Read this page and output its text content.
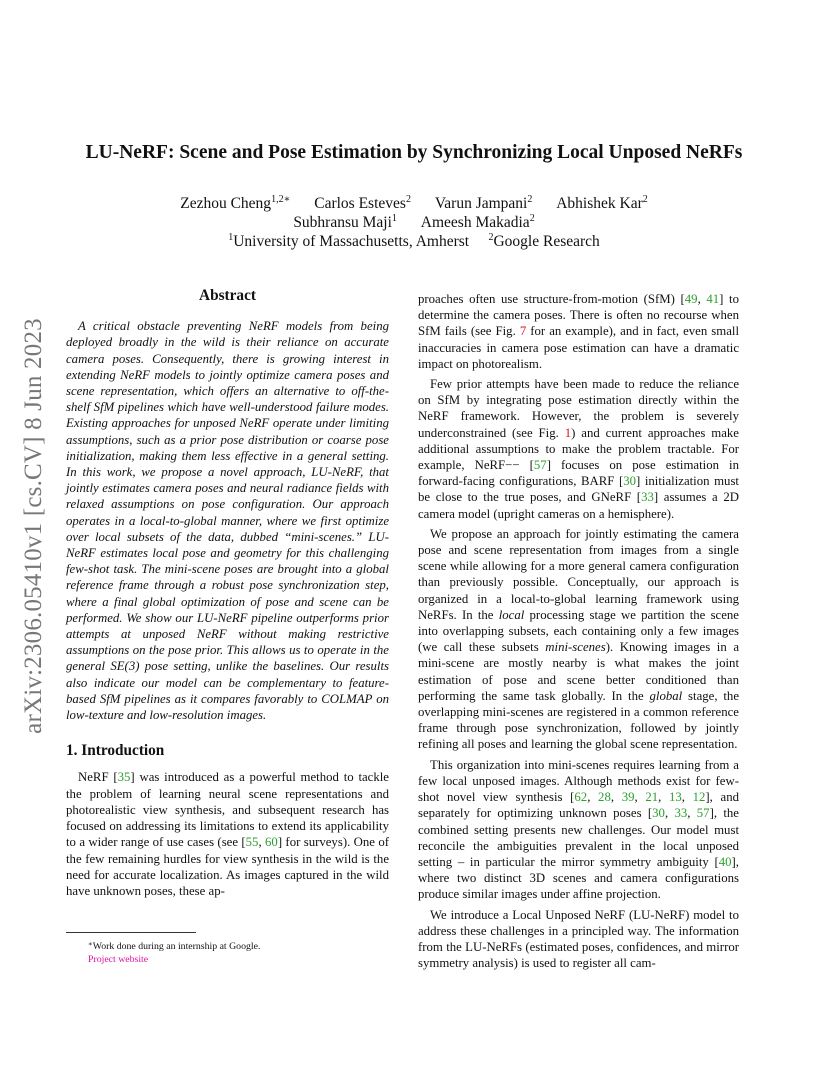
arXiv:2306.05410v1 [cs.CV] 8 Jun 2023
LU-NeRF: Scene and Pose Estimation by Synchronizing Local Unposed NeRFs
Zezhou Cheng$^{1,2∗}$ Carlos Esteves$^2$ Varun Jampani$^2$ Abhishek Kar$^2$
Subhransu Maji$^1$ Ameesh Makadia$^2$
$^1$University of Massachusetts, Amherst $^2$Google Research
Abstract

A critical obstacle preventing NeRF models from being deployed broadly in the wild is their reliance on accurate camera poses. Consequently, there is growing interest in extending NeRF models to jointly optimize camera poses and scene representation, which offers an alternative to off-the-shelf SfM pipelines which have well-understood failure modes. Existing approaches for unposed NeRF operate under limiting assumptions, such as a prior pose distribution or coarse pose initialization, making them less effective in a general setting. In this work, we propose a novel approach, LU-NeRF, that jointly estimates camera poses and neural radiance fields with relaxed assumptions on pose configuration. Our approach operates in a local-to-global manner, where we first optimize over local subsets of the data, dubbed “mini-scenes.” LU-NeRF estimates local pose and geometry for this challenging few-shot task. The mini-scene poses are brought into a global reference frame through a robust pose synchronization step, where a final global optimization of pose and scene can be performed. We show our LU-NeRF pipeline outperforms prior attempts at unposed NeRF without making restrictive assumptions on the pose prior. This allows us to operate in the general SE(3) pose setting, unlike the baselines. Our results also indicate our model can be complementary to feature-based SfM pipelines as it compares favorably to COLMAP on low-texture and low-resolution images.

1. Introduction

NeRF [35] was introduced as a powerful method to tackle the problem of learning neural scene representations and photorealistic view synthesis, and subsequent research has focused on addressing its limitations to extend its applicability to a wider range of use cases (see [55, 60] for surveys). One of the few remaining hurdles for view synthesis in the wild is the need for accurate localization. As images captured in the wild have unknown poses, these ap-

∗Work done during an internship at Google.
Project website

proaches often use structure-from-motion (SfM) [49, 41] to determine the camera poses. There is often no recourse when SfM fails (see Fig. 7 for an example), and in fact, even small inaccuracies in camera pose estimation can have a dramatic impact on photorealism.

Few prior attempts have been made to reduce the reliance on SfM by integrating pose estimation directly within the NeRF framework. However, the problem is severely underconstrained (see Fig. 1) and current approaches make additional assumptions to make the problem tractable. For example, NeRF−− [57] focuses on pose estimation in forward-facing configurations, BARF [30] initialization must be close to the true poses, and GNeRF [33] assumes a 2D camera model (upright cameras on a hemisphere).

We propose an approach for jointly estimating the camera pose and scene representation from images from a single scene while allowing for a more general camera configuration than previously possible. Conceptually, our approach is organized in a local-to-global learning framework using NeRFs. In the local processing stage we partition the scene into overlapping subsets, each containing only a few images (we call these subsets mini-scenes). Knowing images in a mini-scene are mostly nearby is what makes the joint estimation of pose and scene better conditioned than performing the same task globally. In the global stage, the overlapping mini-scenes are registered in a common reference frame through pose synchronization, followed by jointly refining all poses and learning the global scene representation.

This organization into mini-scenes requires learning from a few local unposed images. Although methods exist for few-shot novel view synthesis [62, 28, 39, 21, 13, 12], and separately for optimizing unknown poses [30, 33, 57], the combined setting presents new challenges. Our model must reconcile the ambiguities prevalent in the local unposed setting – in particular the mirror symmetry ambiguity [40], where two distinct 3D scenes and camera configurations produce similar images under affine projection.

We introduce a Local Unposed NeRF (LU-NeRF) model to address these challenges in a principled way. The information from the LU-NeRFs (estimated poses, confidences, and mirror symmetry analysis) is used to register all cam-
